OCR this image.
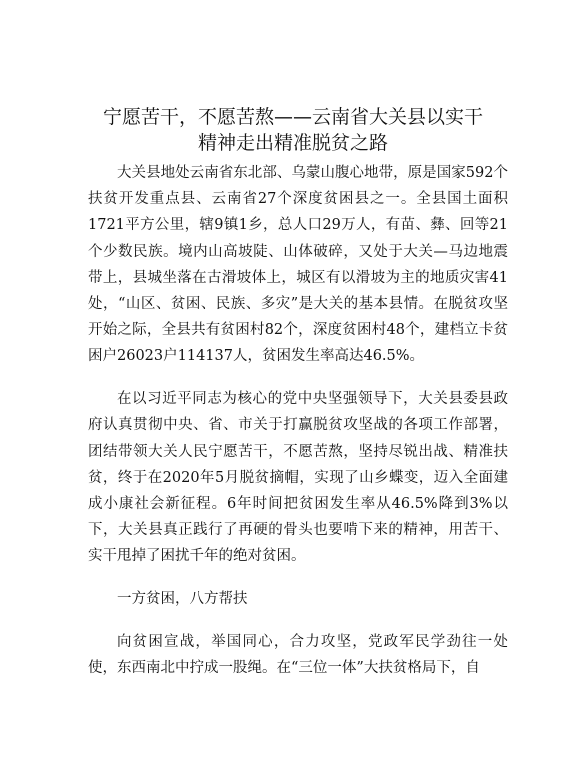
宁愿苦干，不愿苦熬——云南省大关县以实干
精神走出精准脱贫之路

大关县地处云南省东北部、乌蒙山腹心地带，原是国家592个扶贫开发重点县、云南省27个深度贫困县之一。全县国土面积1721平方公里，辖9镇1乡，总人口29万人，有苗、彝、回等21个少数民族。境内山高坡陡、山体破碎，又处于大关—马边地震带上，县城坐落在古滑坡体上，城区有以滑坡为主的地质灾害41处，“山区、贫困、民族、多灾”是大关的基本县情。在脱贫攻坚开始之际，全县共有贫困村82个，深度贫困村48个，建档立卡贫困户26023户114137人，贫困发生率高达46.5%。

在以习近平同志为核心的党中央坚强领导下，大关县委县政府认真贯彻中央、省、市关于打赢脱贫攻坚战的各项工作部署，团结带领大关人民宁愿苦干，不愿苦熬，坚持尽锐出战、精准扶贫，终于在2020年5月脱贫摘帽，实现了山乡蝶变，迈入全面建成小康社会新征程。6年时间把贫困发生率从46.5%降到3%以下，大关县真正践行了再硬的骨头也要啃下来的精神，用苦干、实干甩掉了困扰千年的绝对贫困。

一方贫困，八方帮扶

向贫困宣战，举国同心，合力攻坚，党政军民学劲往一处使，东西南北中拧成一股绳。在“三位一体”大扶贫格局下，自
